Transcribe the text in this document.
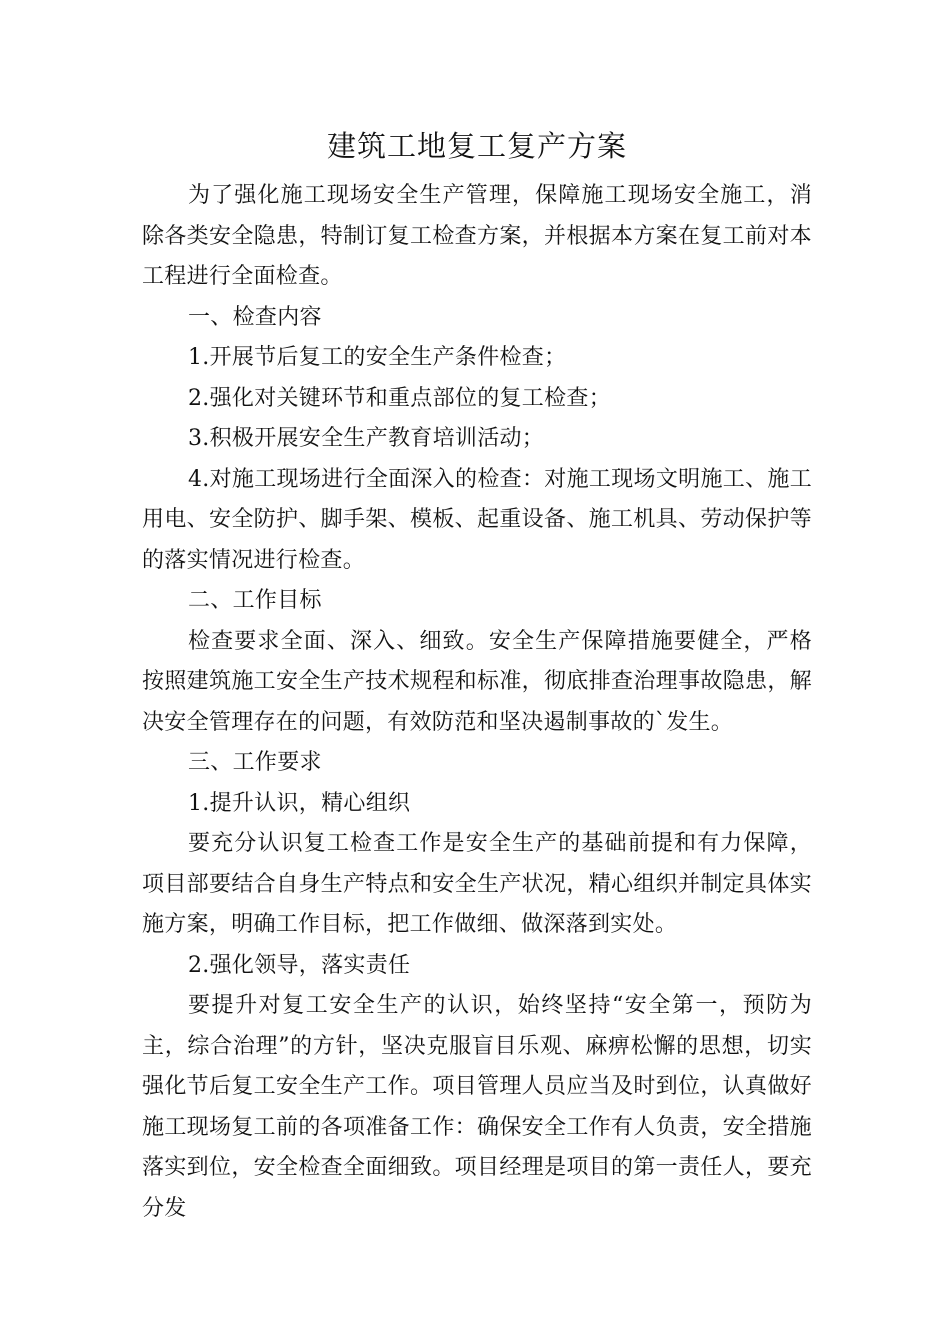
建筑工地复工复产方案

为了强化施工现场安全生产管理，保障施工现场安全施工，消除各类安全隐患，特制订复工检查方案，并根据本方案在复工前对本工程进行全面检查。

一、检查内容

1.开展节后复工的安全生产条件检查；

2.强化对关键环节和重点部位的复工检查；

3.积极开展安全生产教育培训活动；

4.对施工现场进行全面深入的检查：对施工现场文明施工、施工用电、安全防护、脚手架、模板、起重设备、施工机具、劳动保护等的落实情况进行检查。

二、工作目标

检查要求全面、深入、细致。安全生产保障措施要健全，严格按照建筑施工安全生产技术规程和标准，彻底排查治理事故隐患，解决安全管理存在的问题，有效防范和坚决遏制事故的`发生。

三、工作要求

1.提升认识，精心组织

要充分认识复工检查工作是安全生产的基础前提和有力保障，项目部要结合自身生产特点和安全生产状况，精心组织并制定具体实施方案，明确工作目标，把工作做细、做深落到实处。

2.强化领导，落实责任

要提升对复工安全生产的认识，始终坚持“安全第一，预防为主，综合治理”的方针，坚决克服盲目乐观、麻痹松懈的思想，切实强化节后复工安全生产工作。项目管理人员应当及时到位，认真做好施工现场复工前的各项准备工作：确保安全工作有人负责，安全措施落实到位，安全检查全面细致。项目经理是项目的第一责任人，要充分发
